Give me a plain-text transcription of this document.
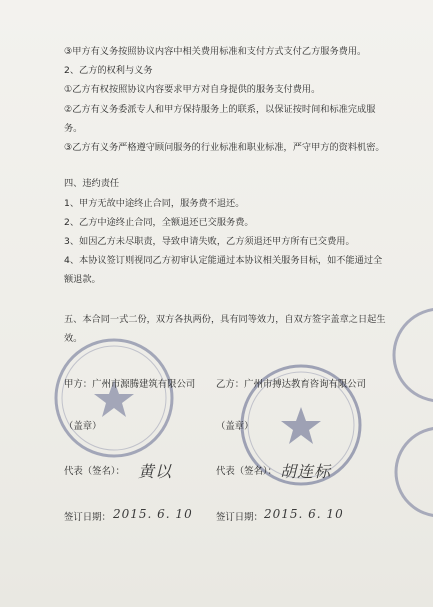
③甲方有义务按照协议内容中相关费用标准和支付方式支付乙方服务费用。
2、乙方的权利与义务
①乙方有权按照协议内容要求甲方对自身提供的服务支付费用。
②乙方有义务委派专人和甲方保持服务上的联系，以保证按时间和标准完成服
务。
③乙方有义务严格遵守顾问服务的行业标准和职业标准，严守甲方的资料机密。
四、违约责任
1、甲方无故中途终止合同，服务费不退还。
2、乙方中途终止合同，全额退还已交服务费。
3、如因乙方未尽职责，导致申请失败，乙方须退还甲方所有已交费用。
4、本协议签订则视同乙方初审认定能通过本协议相关服务目标，如不能通过全
额退款。
五、本合同一式二份，双方各执两份，具有同等效力，自双方签字盖章之日起生
效。
甲方：广州市源腾建筑有限公司 乙方：广州市搏达教育咨询有限公司
（盖章）	（盖章）
代表（签名）： 黄以	代表（签名）： 胡连标
签订日期： 2015. 6. 10 签订日期： 2015. 6. 10
